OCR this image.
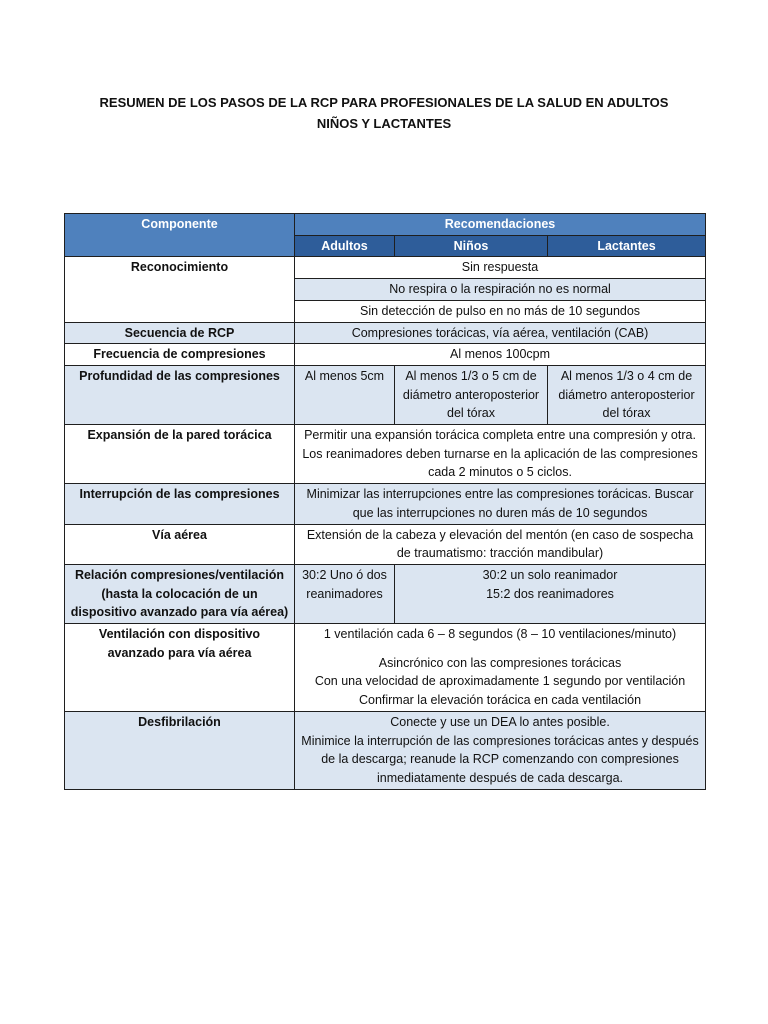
RESUMEN DE LOS PASOS DE LA RCP PARA PROFESIONALES DE LA SALUD EN ADULTOS
NIÑOS Y LACTANTES
Componente	Recomendaciones		
	Adultos	Niños	Lactantes
Reconocimiento	Sin respuesta		
	No respira o la respiración no es normal		
	Sin detección de pulso en no más de 10 segundos		
Secuencia de RCP	Compresiones torácicas, vía aérea, ventilación (CAB)		
Frecuencia de compresiones	Al menos 100cpm		
Profundidad de las compresiones	Al menos 5cm	Al menos 1/3 o 5 cm de diámetro anteroposterior del tórax	Al menos 1/3 o 4 cm de diámetro anteroposterior del tórax
Expansión de la pared torácica	Permitir una expansión torácica completa entre una compresión y otra. Los reanimadores deben turnarse en la aplicación de las compresiones cada 2 minutos o 5 ciclos.		
Interrupción de las compresiones	Minimizar las interrupciones entre las compresiones torácicas. Buscar que las interrupciones no duren más de 10 segundos		
Vía aérea	Extensión de la cabeza y elevación del mentón (en caso de sospecha de traumatismo: tracción mandibular)		
Relación compresiones/ventilación (hasta la colocación de un dispositivo avanzado para vía aérea)	30:2 Uno ó dos reanimadores	30:2 un solo reanimador
15:2 dos reanimadores	

Ventilación con dispositivo avanzado para vía aérea	1 ventilación cada 6 – 8 segundos (8 – 10 ventilaciones/minuto)
Asincrónico con las compresiones torácicas
Con una velocidad de aproximadamente 1 segundo por ventilación
Confirmar la elevación torácica en cada ventilación		

Desfibrilación	Conecte y use un DEA lo antes posible.
Minimice la interrupción de las compresiones torácicas antes y después de la descarga; reanude la RCP comenzando con compresiones inmediatamente después de cada descarga.		
